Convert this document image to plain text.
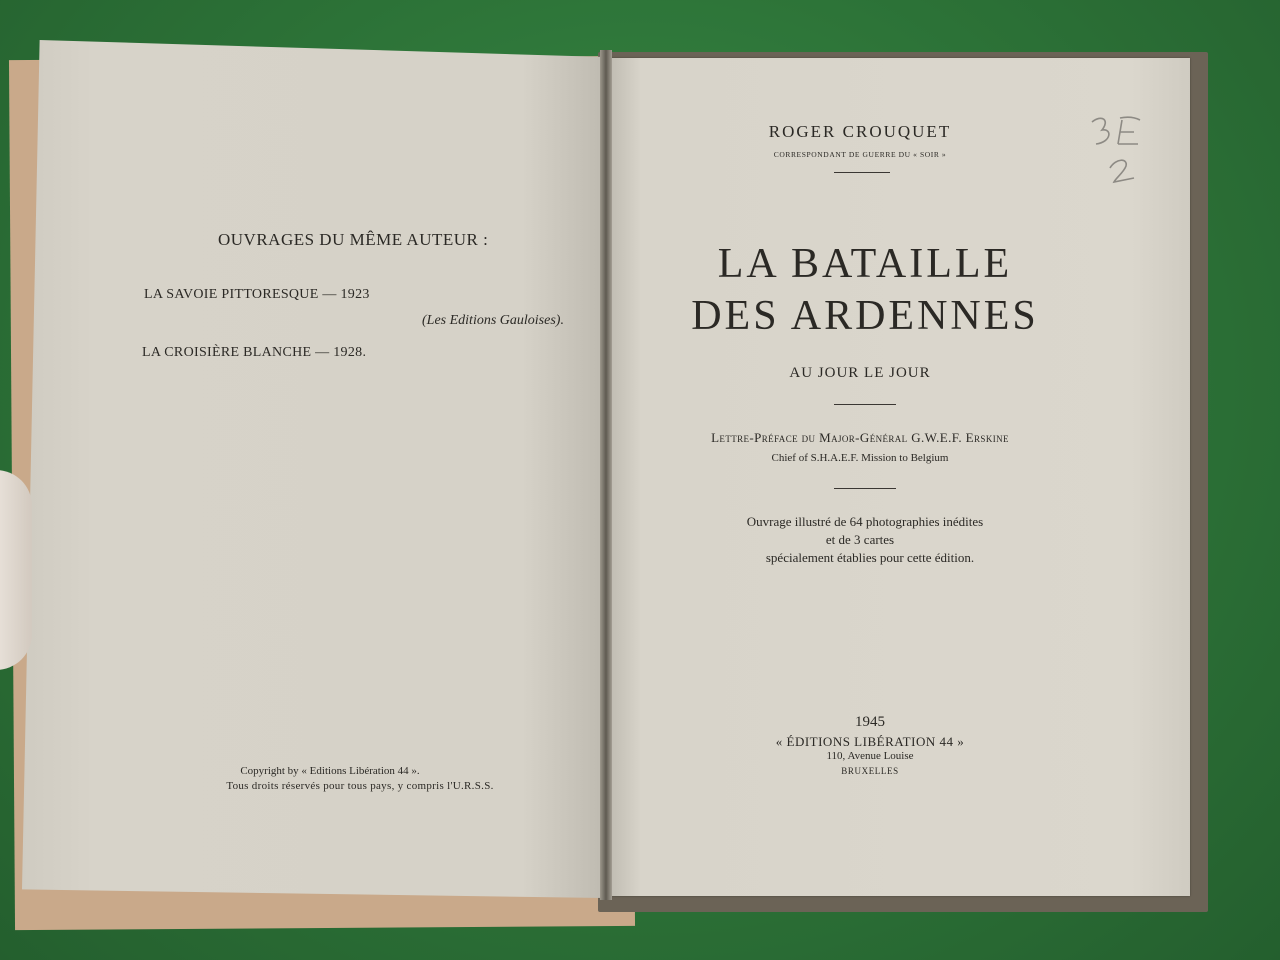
OUVRAGES DU MÊME AUTEUR :
LA SAVOIE PITTORESQUE — 1923
(Les Editions Gauloises).
LA CROISIÈRE BLANCHE — 1928.
Copyright by « Editions Libération 44 ».
Tous droits réservés pour tous pays, y compris l'U.R.S.S.
ROGER CROUQUET
CORRESPONDANT DE GUERRE DU « SOIR »
LA BATAILLE
DES ARDENNES
AU JOUR LE JOUR
Lettre-Préface du Major-Général G.W.E.F. Erskine
Chief of S.H.A.E.F. Mission to Belgium
Ouvrage illustré de 64 photographies inédites
et de 3 cartes
spécialement établies pour cette édition.
1945
« ÉDITIONS LIBÉRATION 44 »
110, Avenue Louise
BRUXELLES
